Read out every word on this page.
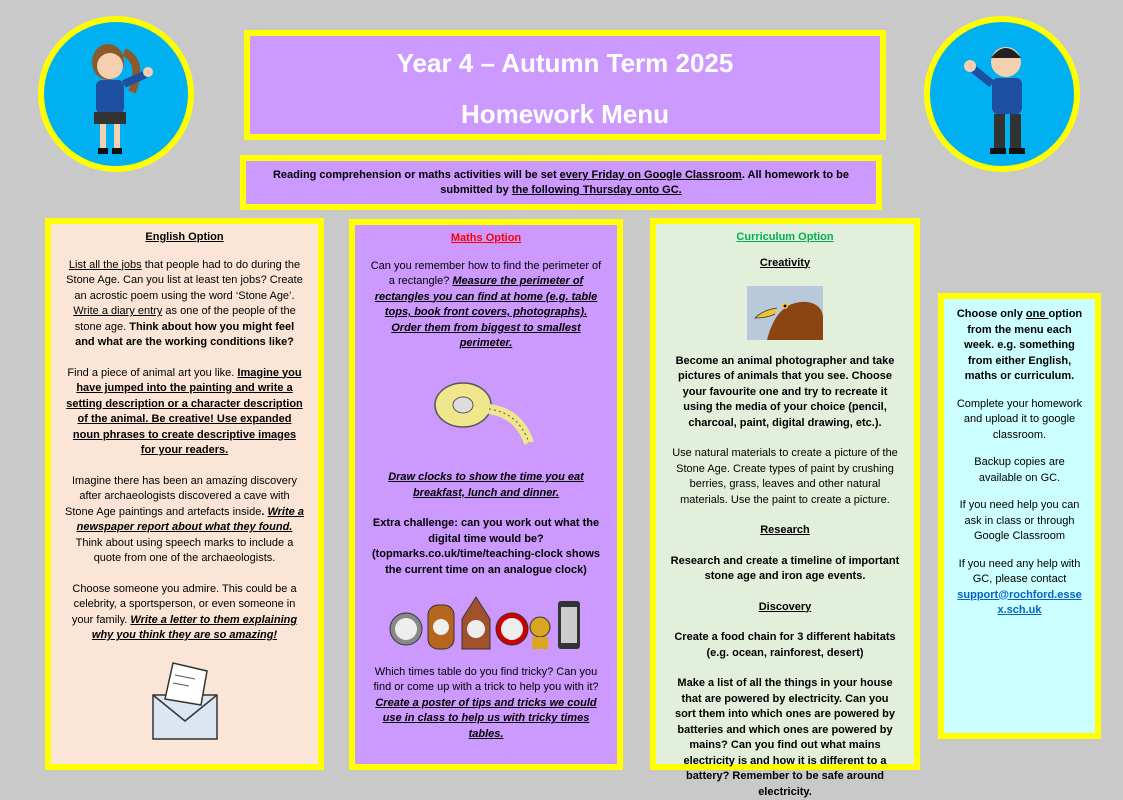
Year 4 – Autumn Term 2025
Homework Menu
Reading comprehension or maths activities will be set every Friday on Google Classroom. All homework to be submitted by the following Thursday onto GC.

English Option

List all the jobs that people had to do during the Stone Age. Can you list at least ten jobs? Create an acrostic poem using the word ‘Stone Age’. Write a diary entry as one of the people of the stone age. Think about how you might feel and what are the working conditions like?

Find a piece of animal art you like. Imagine you have jumped into the painting and write a setting description or a character description of the animal. Be creative! Use expanded noun phrases to create descriptive images for your readers.

Imagine there has been an amazing discovery after archaeologists discovered a cave with Stone Age paintings and artefacts inside. Write a newspaper report about what they found. Think about using speech marks to include a quote from one of the archaeologists.

Choose someone you admire. This could be a celebrity, a sportsperson, or even someone in your family. Write a letter to them explaining why you think they are so amazing!

Maths Option

Can you remember how to find the perimeter of a rectangle? Measure the perimeter of rectangles you can find at home (e.g. table tops, book front covers, photographs). Order them from biggest to smallest perimeter.

Draw clocks to show the time you eat breakfast, lunch and dinner.

Extra challenge: can you work out what the digital time would be? (topmarks.co.uk/time/teaching-clock shows the current time on an analogue clock)

Which times table do you find tricky? Can you find or come up with a trick to help you with it? Create a poster of tips and tricks we could use in class to help us with tricky times tables.

Curriculum Option

Creativity

Become an animal photographer and take pictures of animals that you see. Choose your favourite one and try to recreate it using the media of your choice (pencil, charcoal, paint, digital drawing, etc.).

Use natural materials to create a picture of the Stone Age. Create types of paint by crushing berries, grass, leaves and other natural materials. Use the paint to create a picture.

Research

Research and create a timeline of important stone age and iron age events.

Discovery

Create a food chain for 3 different habitats (e.g. ocean, rainforest, desert)

Make a list of all the things in your house that are powered by electricity. Can you sort them into which ones are powered by batteries and which ones are powered by mains? Can you find out what mains electricity is and how it is different to a battery? Remember to be safe around electricity.

Choose only one option from the menu each week. e.g. something from either English, maths or curriculum.

Complete your homework and upload it to google classroom.

Backup copies are available on GC.

If you need help you can ask in class or through Google Classroom

If you need any help with GC, please contact

support@rochford.essex.sch.uk
